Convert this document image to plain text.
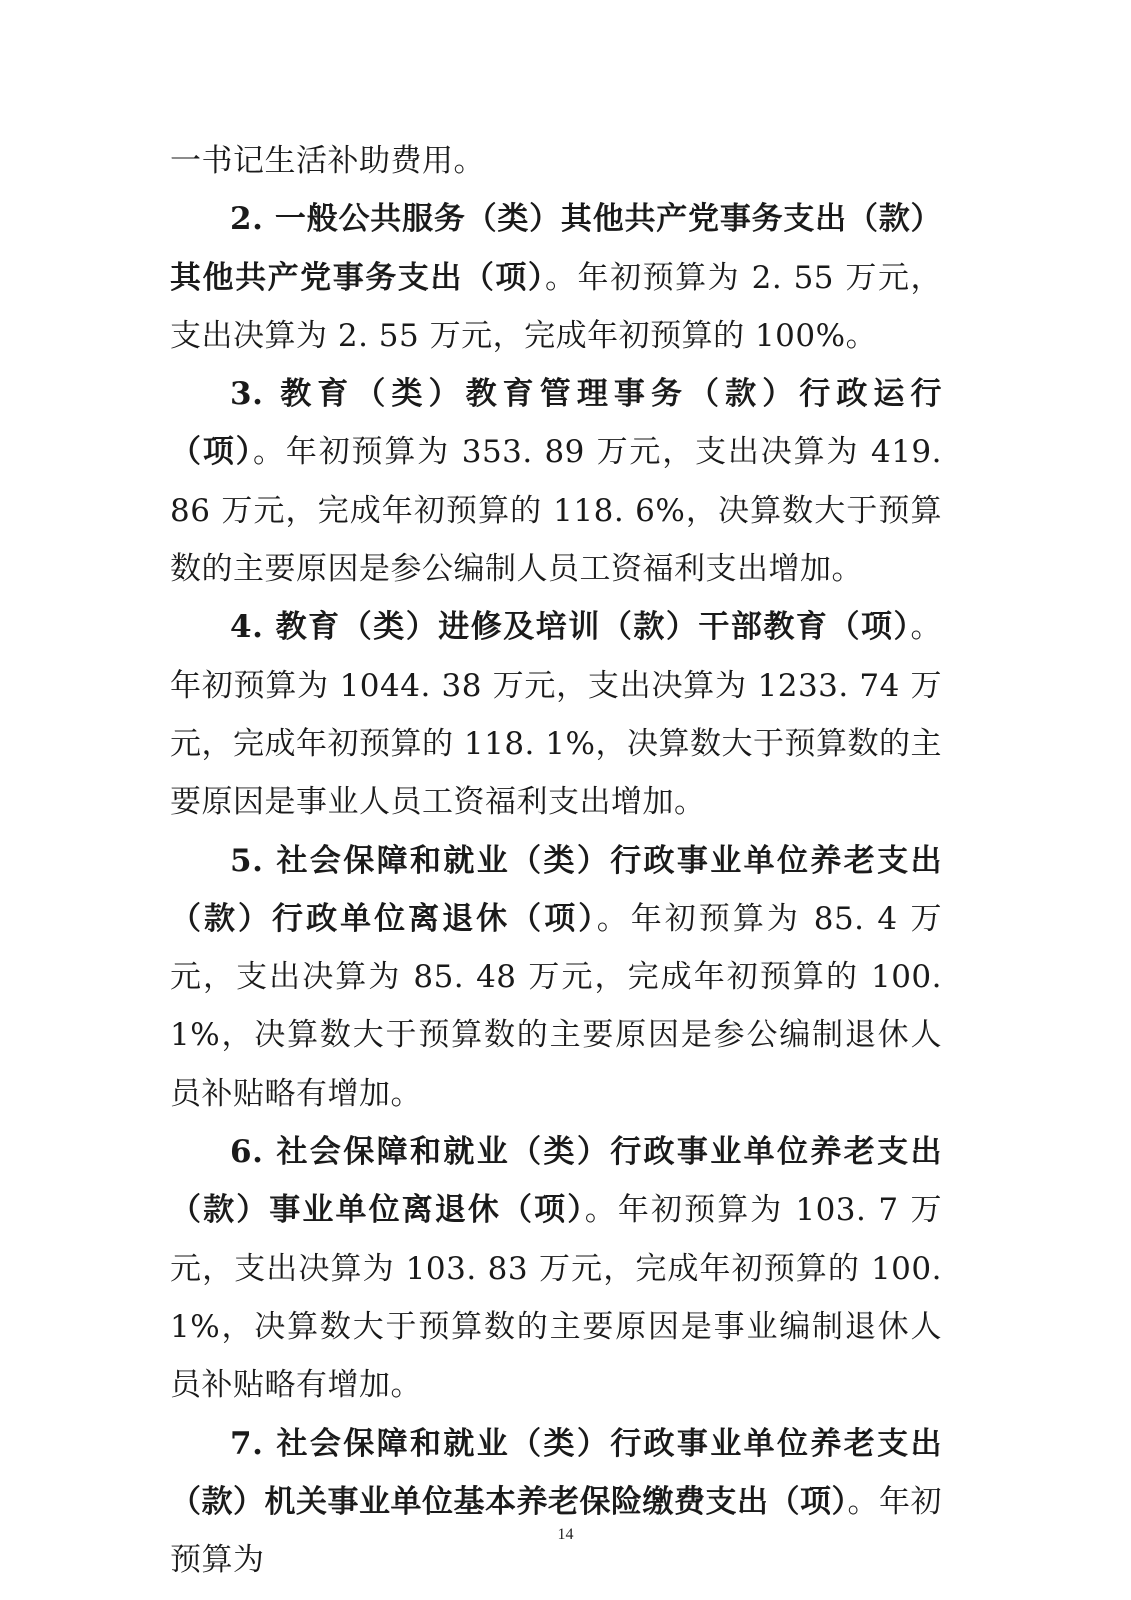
一书记生活补助费用。

2. 一般公共服务（类）其他共产党事务支出（款）其他共产党事务支出（项）。年初预算为 2. 55 万元，支出决算为 2. 55 万元，完成年初预算的 100%。

3. 教育（类）教育管理事务（款）行政运行（项）。年初预算为 353. 89 万元，支出决算为 419. 86 万元，完成年初预算的 118. 6%，决算数大于预算数的主要原因是参公编制人员工资福利支出增加。

4. 教育（类）进修及培训（款）干部教育（项）。年初预算为 1044. 38 万元，支出决算为 1233. 74 万元，完成年初预算的 118. 1%，决算数大于预算数的主要原因是事业人员工资福利支出增加。

5. 社会保障和就业（类）行政事业单位养老支出（款）行政单位离退休（项）。年初预算为 85. 4 万元，支出决算为 85. 48 万元，完成年初预算的 100. 1%，决算数大于预算数的主要原因是参公编制退休人员补贴略有增加。

6. 社会保障和就业（类）行政事业单位养老支出（款）事业单位离退休（项）。年初预算为 103. 7 万元，支出决算为 103. 83 万元，完成年初预算的 100. 1%，决算数大于预算数的主要原因是事业编制退休人员补贴略有增加。

7. 社会保障和就业（类）行政事业单位养老支出（款）机关事业单位基本养老保险缴费支出（项）。年初预算为

14
